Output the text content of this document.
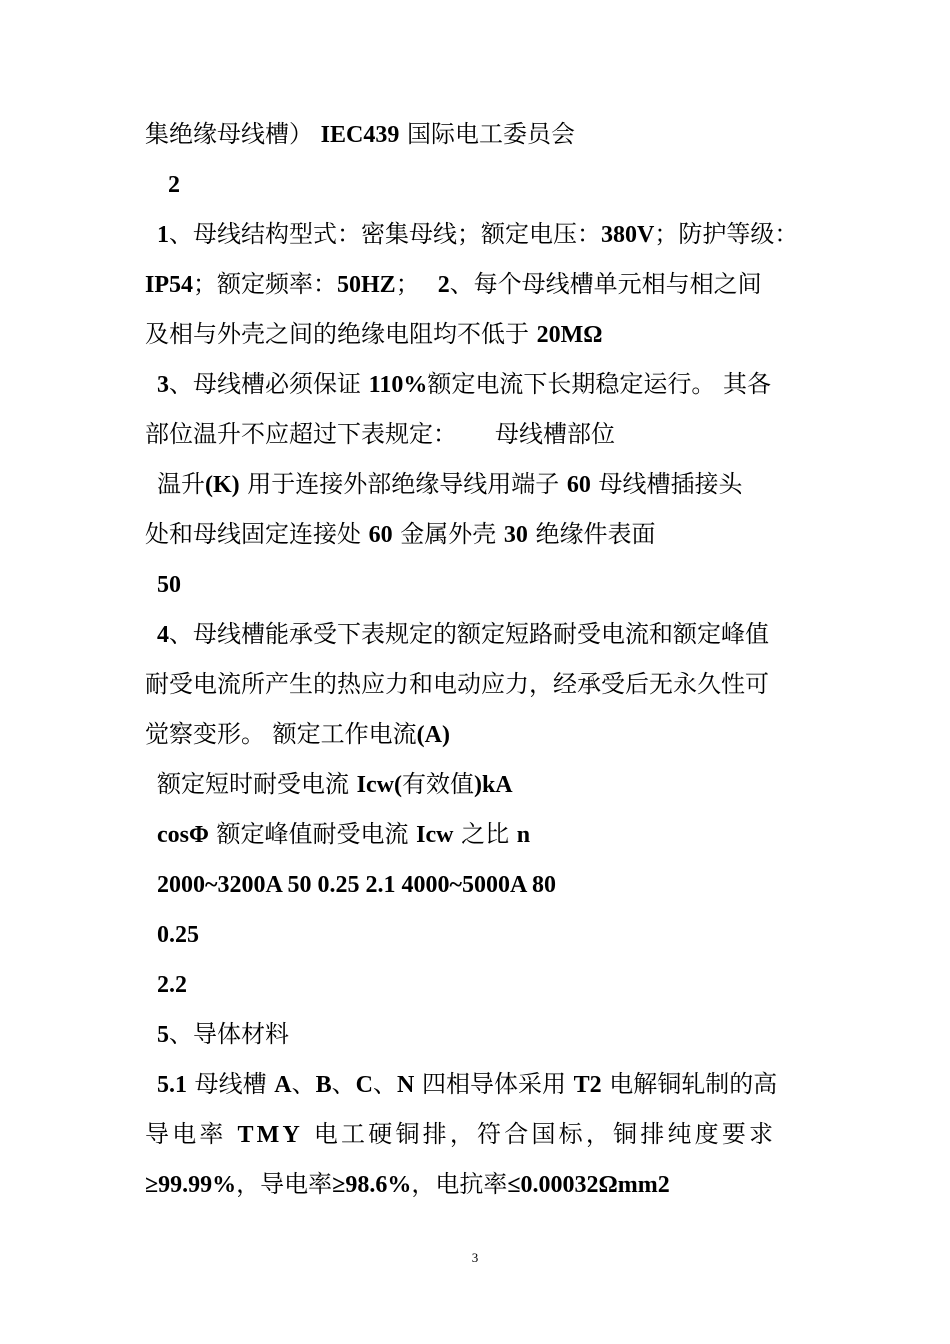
集绝缘母线槽） IEC439 国际电工委员会
2
1、母线结构型式：密集母线；额定电压：380V；防护等级：
IP54；额定频率：50HZ； 2、每个母线槽单元相与相之间
及相与外壳之间的绝缘电阻均不低于 20MΩ
3、母线槽必须保证 110%额定电流下长期稳定运行。 其各
部位温升不应超过下表规定： 母线槽部位
温升(K) 用于连接外部绝缘导线用端子 60 母线槽插接头
处和母线固定连接处 60 金属外壳 30 绝缘件表面
50
4、母线槽能承受下表规定的额定短路耐受电流和额定峰值
耐受电流所产生的热应力和电动应力，经承受后无永久性可
觉察变形。 额定工作电流(A)
额定短时耐受电流 Icw(有效值)kA
cosΦ 额定峰值耐受电流 Icw 之比 n
2000~3200A 50 0.25 2.1 4000~5000A 80
0.25
2.2
5、导体材料
5.1 母线槽 A、B、C、N 四相导体采用 T2 电解铜轧制的高
导电率 TMY 电工硬铜排，符合国标，铜排纯度要求
≥99.99%，导电率≥98.6%，电抗率≤0.00032Ωmm2
3
